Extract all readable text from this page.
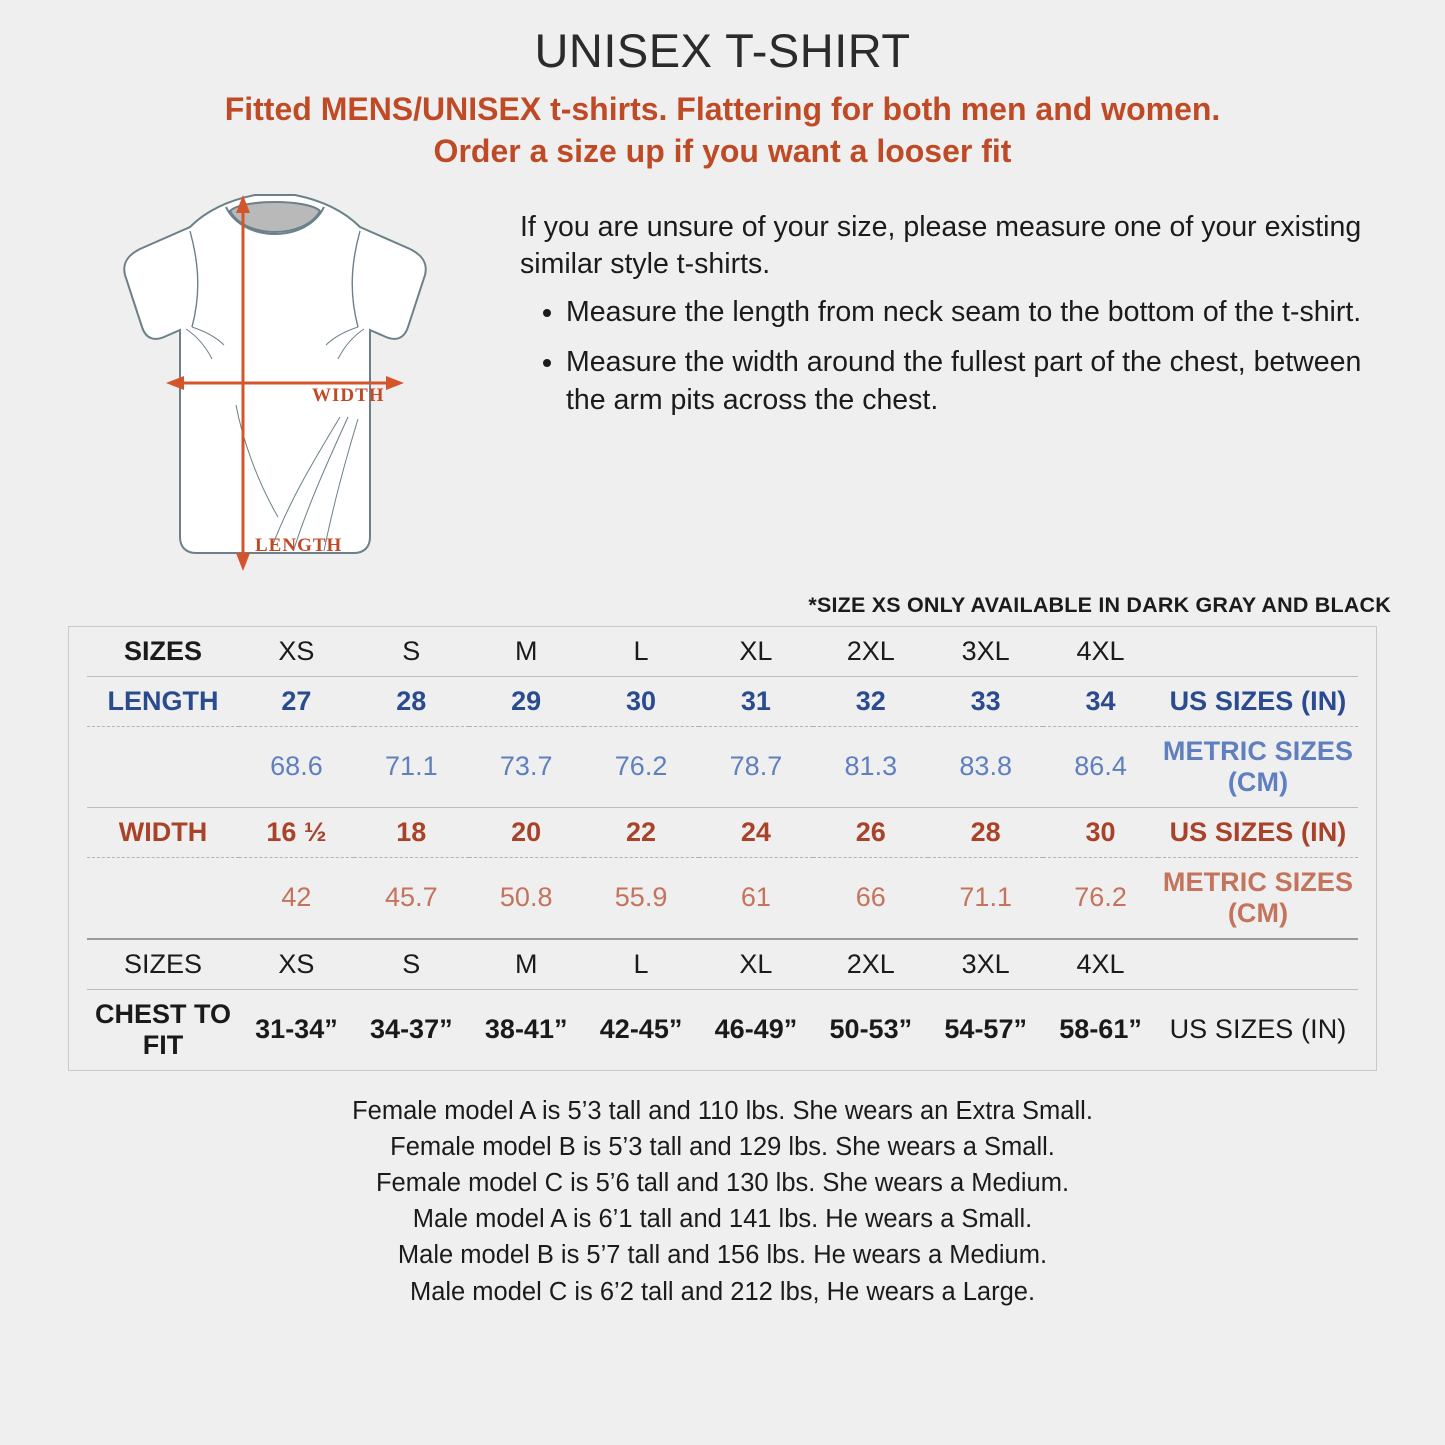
UNISEX T-SHIRT
Fitted MENS/UNISEX t-shirts. Flattering for both men and women.
Order a size up if you want a looser fit
WIDTH
LENGTH

If you are unsure of your size, please measure one of your existing similar style t-shirts.

• Measure the length from neck seam to the bottom of the t-shirt.
• Measure the width around the fullest part of the chest, between the arm pits across the chest.
*SIZE XS ONLY AVAILABLE IN DARK GRAY AND BLACK
SIZES	XS	S	M	L	XL	2XL	3XL	4XL	
LENGTH	27	28	29	30	31	32	33	34	US SIZES (IN)
	68.6	71.1	73.7	76.2	78.7	81.3	83.8	86.4	METRIC SIZES (CM)
WIDTH	16 ½	18	20	22	24	26	28	30	US SIZES (IN)
	42	45.7	50.8	55.9	61	66	71.1	76.2	METRIC SIZES (CM)
SIZES	XS	S	M	L	XL	2XL	3XL	4XL	
CHEST TO FIT	31-34”	34-37”	38-41”	42-45”	46-49”	50-53”	54-57”	58-61”	US SIZES (IN)
Female model A is 5’3 tall and 110 lbs. She wears an Extra Small.
Female model B is 5’3 tall and 129 lbs. She wears a Small.
Female model C is 5’6 tall and 130 lbs. She wears a Medium.
Male model A is 6’1 tall and 141 lbs. He wears a Small.
Male model B is 5’7 tall and 156 lbs. He wears a Medium.
Male model C is 6’2 tall and 212 lbs, He wears a Large.
